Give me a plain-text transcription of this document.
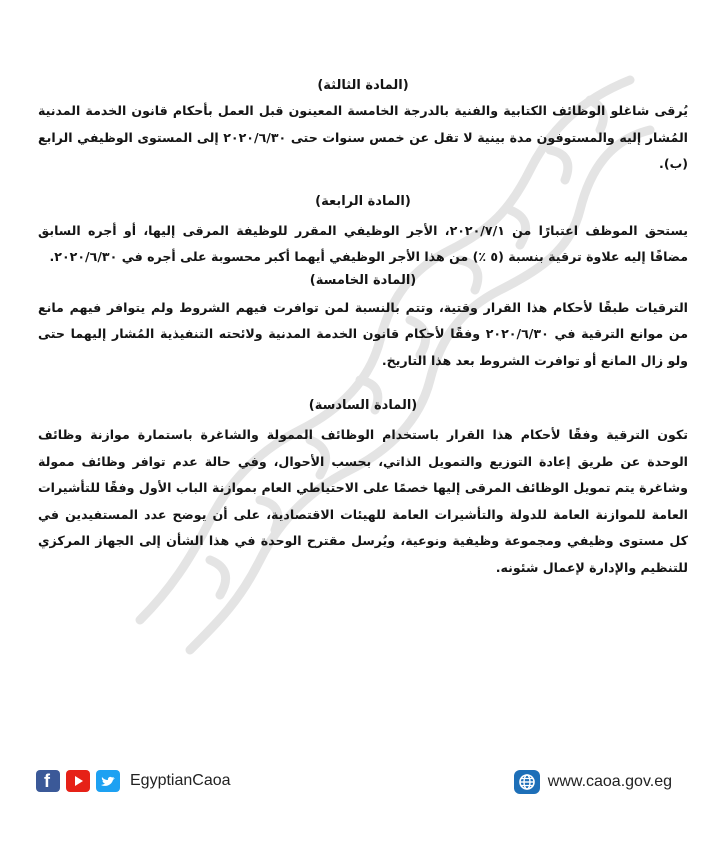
(المادة الثالثة)

يُرقى شاغلو الوظائف الكتابية والفنية بالدرجة الخامسة المعينون قبل العمل بأحكام قانون الخدمة المدنية المُشار إليه والمستوفون مدة بينية لا تقل عن خمس سنوات حتى ٢٠٢٠/٦/٣٠ إلى المستوى الوظيفي الرابع (ب).

(المادة الرابعة)

يستحق الموظف اعتبارًا من ٢٠٢٠/٧/١، الأجر الوظيفي المقرر للوظيفة المرقى إليها، أو أجره السابق مضافًا إليه علاوة ترقية بنسبة (٥ ٪) من هذا الأجر الوظيفي أيهما أكبر محسوبة على أجره في ٢٠٢٠/٦/٣٠.

(المادة الخامسة)

الترقيات طبقًا لأحكام هذا القرار وقتية، وتتم بالنسبة لمن توافرت فيهم الشروط ولم يتوافر فيهم مانع من موانع الترقية في ٢٠٢٠/٦/٣٠ وفقًا لأحكام قانون الخدمة المدنية ولائحته التنفيذية المُشار إليهما حتى ولو زال المانع أو توافرت الشروط بعد هذا التاريخ.

(المادة السادسة)

تكون الترقية وفقًا لأحكام هذا القرار باستخدام الوظائف الممولة والشاغرة باستمارة موازنة وظائف الوحدة عن طريق إعادة التوزيع والتمويل الذاتي، بحسب الأحوال، وفي حالة عدم توافر وظائف ممولة وشاغرة يتم تمويل الوظائف المرقى إليها خصمًا على الاحتياطي العام بموازنة الباب الأول وفقًا للتأشيرات العامة للموازنة العامة للدولة والتأشيرات العامة للهيئات الاقتصادية، على أن يوضح عدد المستفيدين في كل مستوى وظيفي ومجموعة وظيفية ونوعية، ويُرسل مقترح الوحدة في هذا الشأن إلى الجهاز المركزي للتنظيم والإدارة لإعمال شئونه.

f	EgyptianCaoa	www.caoa.gov.eg
